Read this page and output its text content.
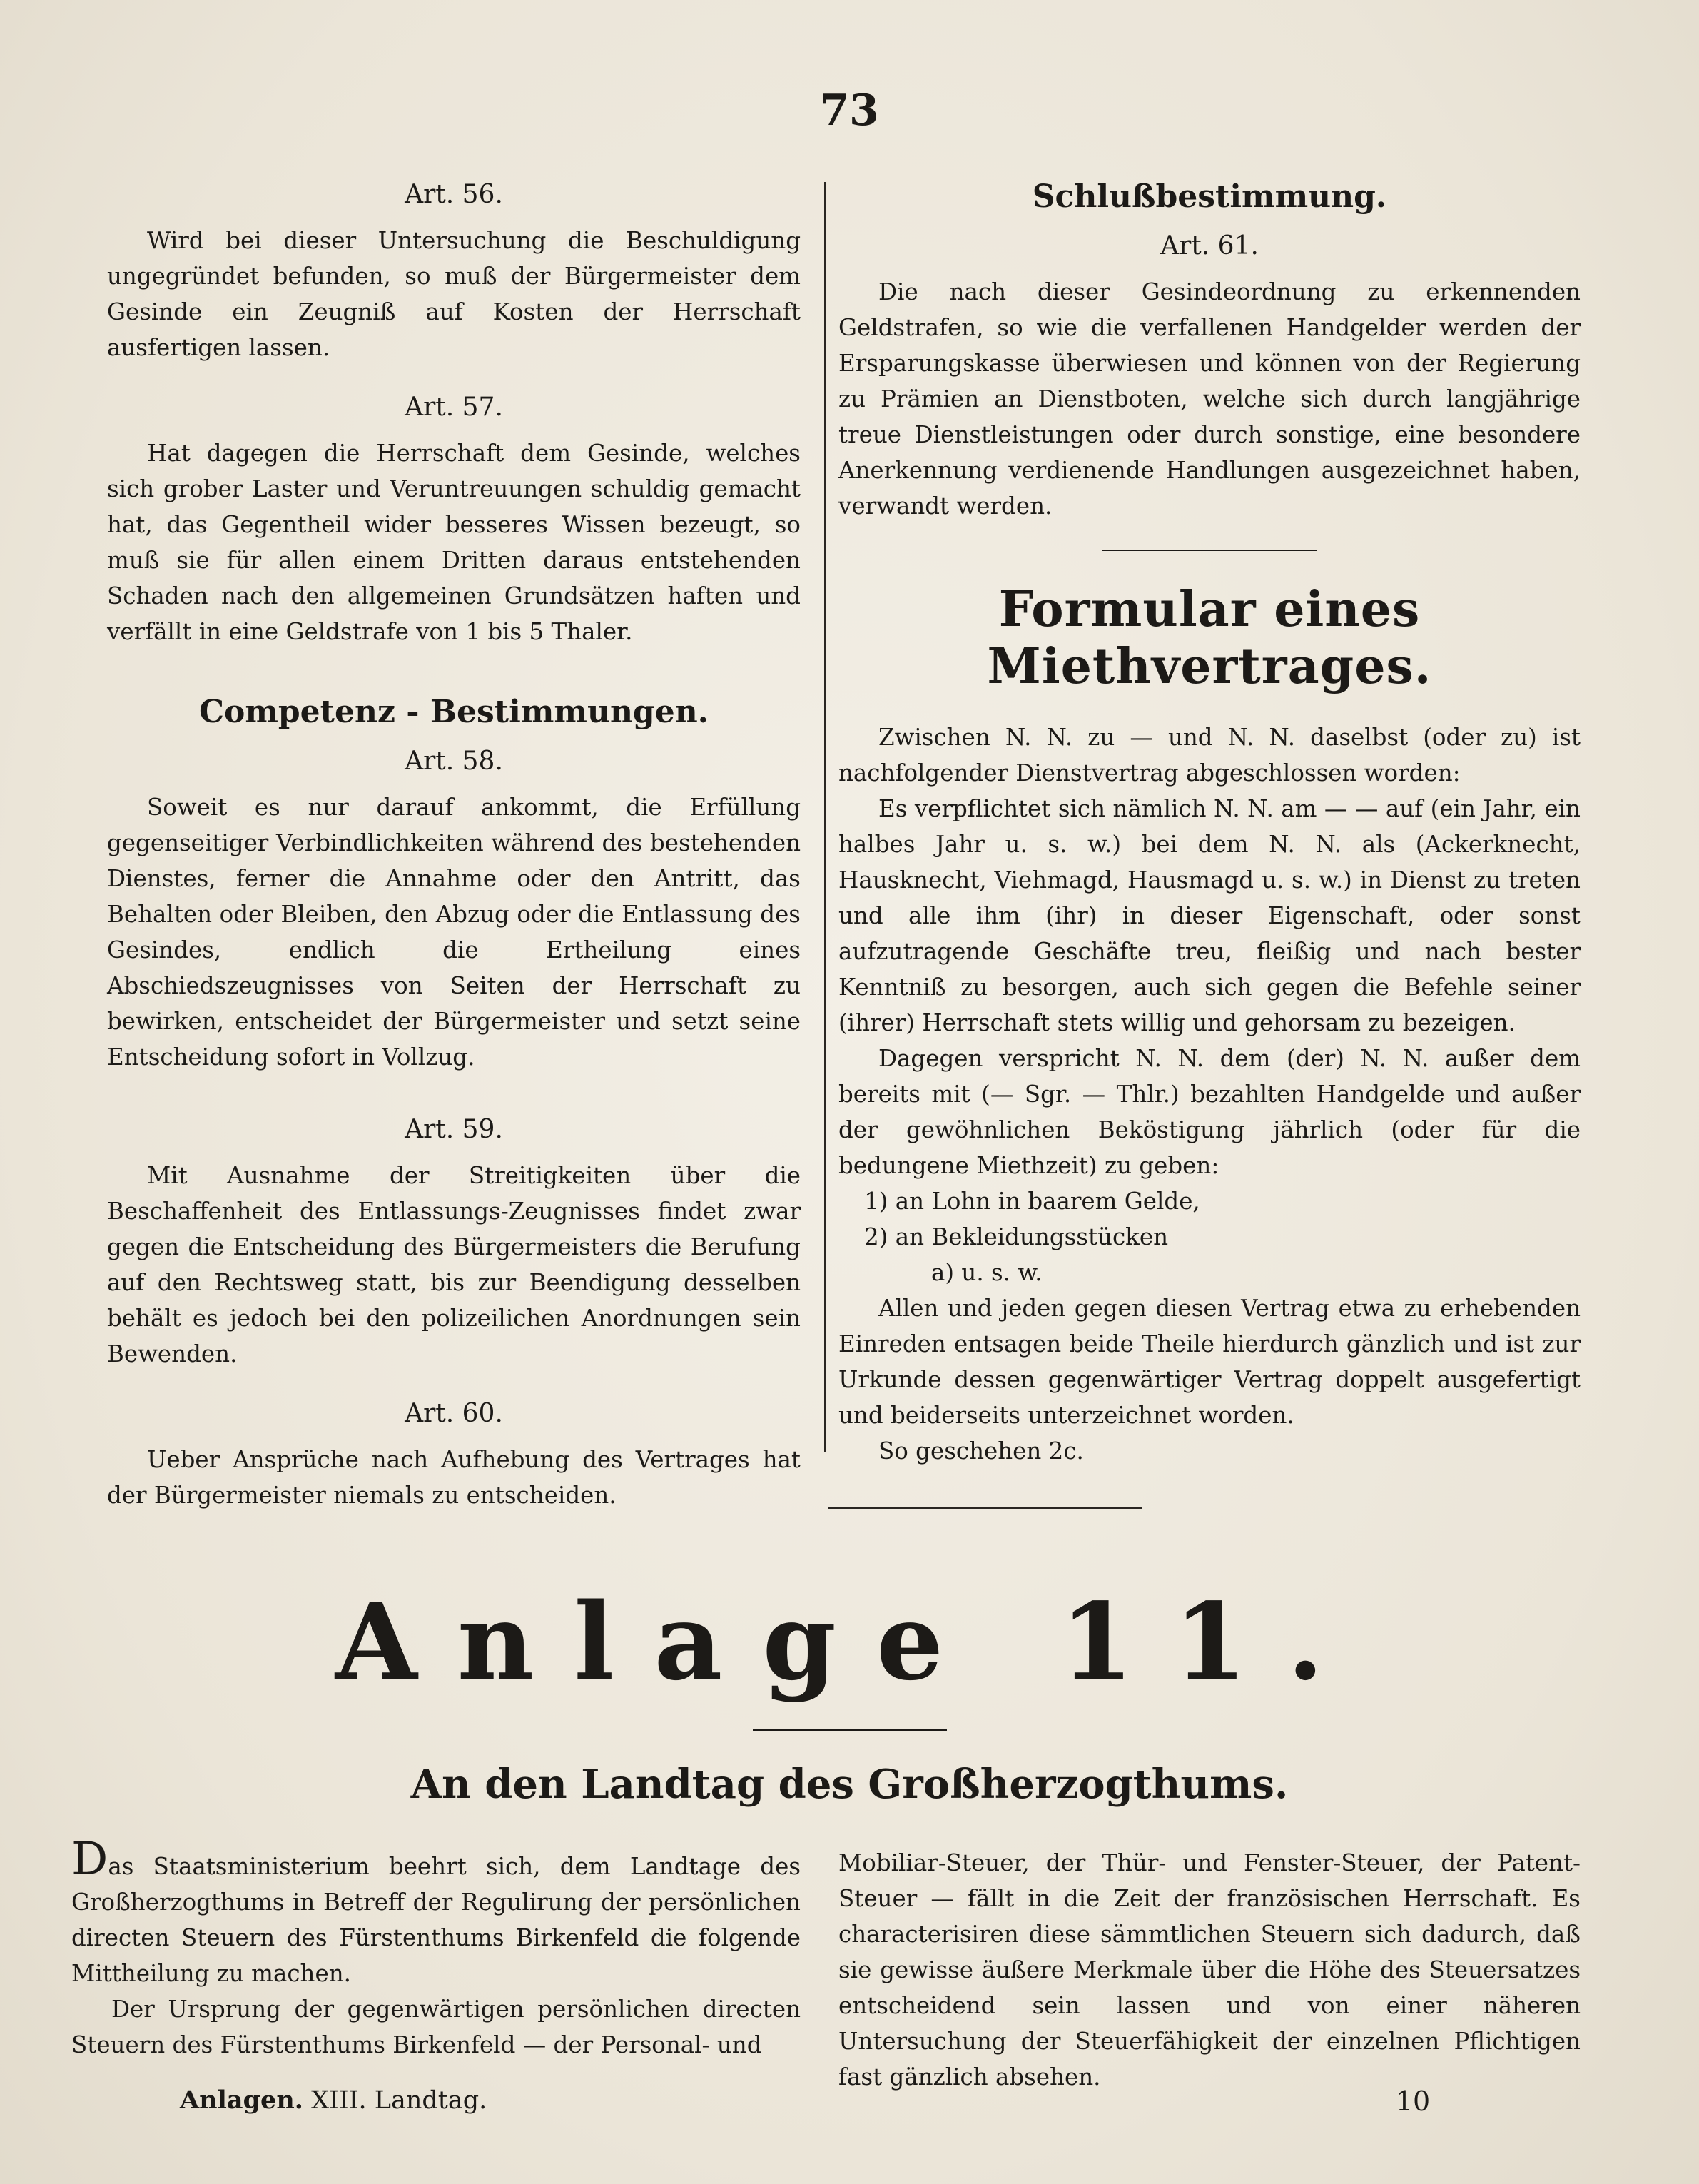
73
Art. 56.

Wird bei dieser Untersuchung die Beschuldigung ungegründet befunden, so muß der Bürgermeister dem Gesinde ein Zeugniß auf Kosten der Herrschaft ausfertigen lassen.

Art. 57.

Hat dagegen die Herrschaft dem Gesinde, welches sich grober Laster und Veruntreuungen schuldig gemacht hat, das Gegentheil wider besseres Wissen bezeugt, so muß sie für allen einem Dritten daraus entstehenden Schaden nach den allgemeinen Grundsätzen haften und verfällt in eine Geldstrafe von 1 bis 5 Thaler.

Competenz - Bestimmungen.
Art. 58.

Soweit es nur darauf ankommt, die Erfüllung gegenseitiger Verbindlichkeiten während des bestehenden Dienstes, ferner die Annahme oder den Antritt, das Behalten oder Bleiben, den Abzug oder die Entlassung des Gesindes, endlich die Ertheilung eines Abschiedszeugnisses von Seiten der Herrschaft zu bewirken, entscheidet der Bürgermeister und setzt seine Entscheidung sofort in Vollzug.

Art. 59.

Mit Ausnahme der Streitigkeiten über die Beschaffenheit des Entlassungs-Zeugnisses findet zwar gegen die Entscheidung des Bürgermeisters die Berufung auf den Rechtsweg statt, bis zur Beendigung desselben behält es jedoch bei den polizeilichen Anordnungen sein Bewenden.

Art. 60.

Ueber Ansprüche nach Aufhebung des Vertrages hat der Bürgermeister niemals zu entscheiden.

Schlußbestimmung.
Art. 61.

Die nach dieser Gesindeordnung zu erkennenden Geldstrafen, so wie die verfallenen Handgelder werden der Ersparungskasse überwiesen und können von der Regierung zu Prämien an Dienstboten, welche sich durch langjährige treue Dienstleistungen oder durch sonstige, eine besondere Anerkennung verdienende Handlungen ausgezeichnet haben, verwandt werden.

Formular eines Miethvertrages.

Zwischen N. N. zu — und N. N. daselbst (oder zu) ist nachfolgender Dienstvertrag abgeschlossen worden:

Es verpflichtet sich nämlich N. N. am — — auf (ein Jahr, ein halbes Jahr u. s. w.) bei dem N. N. als (Ackerknecht, Hausknecht, Viehmagd, Hausmagd u. s. w.) in Dienst zu treten und alle ihm (ihr) in dieser Eigenschaft, oder sonst aufzutragende Geschäfte treu, fleißig und nach bester Kenntniß zu besorgen, auch sich gegen die Befehle seiner (ihrer) Herrschaft stets willig und gehorsam zu bezeigen.

Dagegen verspricht N. N. dem (der) N. N. außer dem bereits mit (— Sgr. — Thlr.) bezahlten Handgelde und außer der gewöhnlichen Beköstigung jährlich (oder für die bedungene Miethzeit) zu geben:

1) an Lohn in baarem Gelde,

2) an Bekleidungsstücken

a) u. s. w.

Allen und jeden gegen diesen Vertrag etwa zu erhebenden Einreden entsagen beide Theile hierdurch gänzlich und ist zur Urkunde dessen gegenwärtiger Vertrag doppelt ausgefertigt und beiderseits unterzeichnet worden.

So geschehen 2c.

Anlage 11.
An den Landtag des Großherzogthums.

Das Staatsministerium beehrt sich, dem Landtage des Großherzogthums in Betreff der Regulirung der persönlichen directen Steuern des Fürstenthums Birkenfeld die folgende Mittheilung zu machen.

Der Ursprung der gegenwärtigen persönlichen directen Steuern des Fürstenthums Birkenfeld — der Personal- und

Mobiliar-Steuer, der Thür- und Fenster-Steuer, der Patent-Steuer — fällt in die Zeit der französischen Herrschaft. Es characterisiren diese sämmtlichen Steuern sich dadurch, daß sie gewisse äußere Merkmale über die Höhe des Steuersatzes entscheidend sein lassen und von einer näheren Untersuchung der Steuerfähigkeit der einzelnen Pflichtigen fast gänzlich absehen.

Anlagen. XIII. Landtag.	10
